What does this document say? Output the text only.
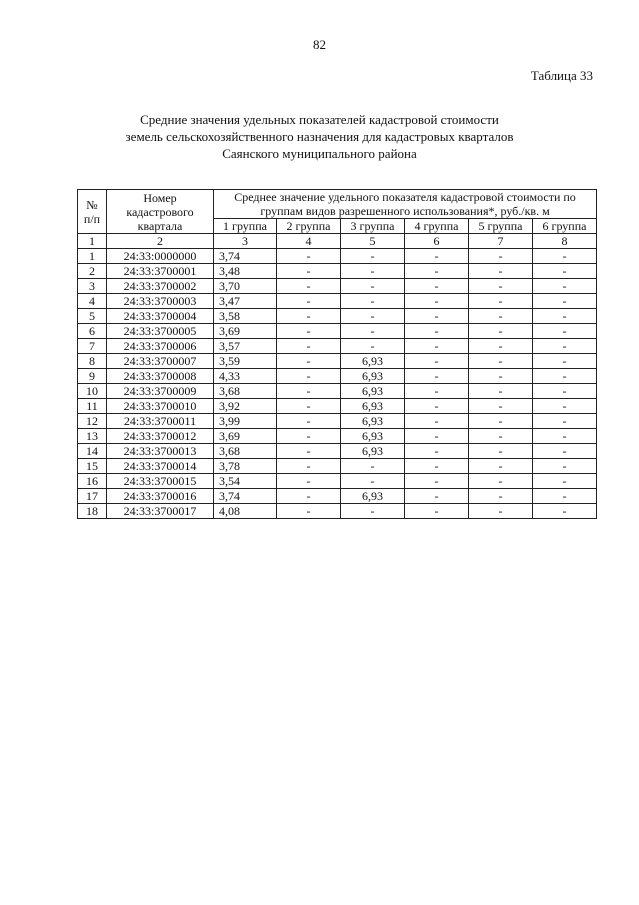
82
Таблица 33
Средние значения удельных показателей кадастровой стоимости
земель сельскохозяйственного назначения для кадастровых кварталов
Саянского муниципального района
№ п/п	Номер кадастрового квартала	Среднее значение удельного показателя кадастровой стоимости по группам видов разрешенного использования*, руб./кв. м					
		1 группа	2 группа	3 группа	4 группа	5 группа	6 группа
1	2	3	4	5	6	7	8
1	24:33:0000000	3,74	-	-	-	-	-
2	24:33:3700001	3,48	-	-	-	-	-
3	24:33:3700002	3,70	-	-	-	-	-
4	24:33:3700003	3,47	-	-	-	-	-
5	24:33:3700004	3,58	-	-	-	-	-
6	24:33:3700005	3,69	-	-	-	-	-
7	24:33:3700006	3,57	-	-	-	-	-
8	24:33:3700007	3,59	-	6,93	-	-	-
9	24:33:3700008	4,33	-	6,93	-	-	-
10	24:33:3700009	3,68	-	6,93	-	-	-
11	24:33:3700010	3,92	-	6,93	-	-	-
12	24:33:3700011	3,99	-	6,93	-	-	-
13	24:33:3700012	3,69	-	6,93	-	-	-
14	24:33:3700013	3,68	-	6,93	-	-	-
15	24:33:3700014	3,78	-	-	-	-	-
16	24:33:3700015	3,54	-	-	-	-	-
17	24:33:3700016	3,74	-	6,93	-	-	-
18	24:33:3700017	4,08	-	-	-	-	-
